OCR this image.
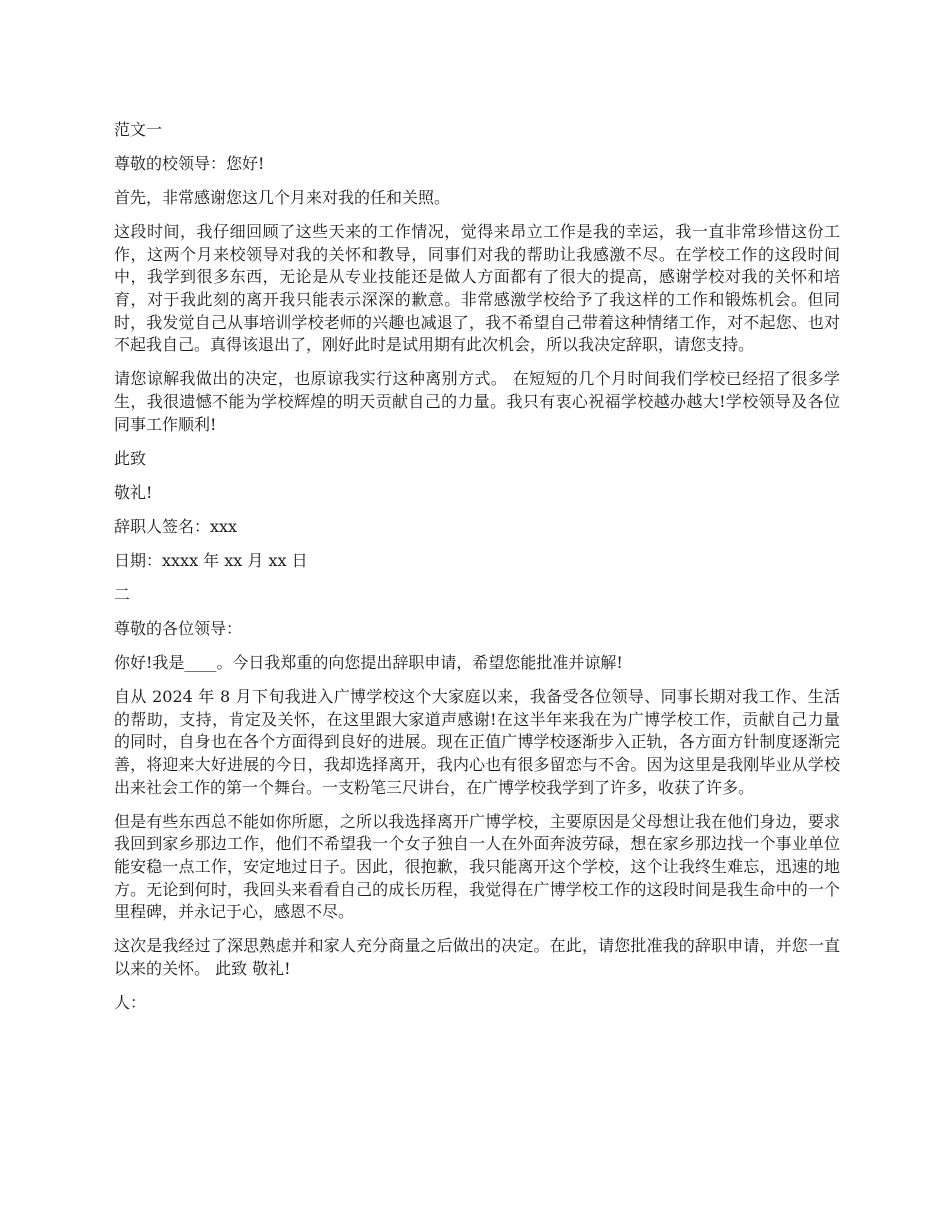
范文一

尊敬的校领导：您好!

首先，非常感谢您这几个月来对我的任和关照。

这段时间，我仔细回顾了这些天来的工作情况，觉得来昂立工作是我的幸运，我一直非常珍惜这份工作，这两个月来校领导对我的关怀和教导，同事们对我的帮助让我感激不尽。在学校工作的这段时间中，我学到很多东西，无论是从专业技能还是做人方面都有了很大的提高，感谢学校对我的关怀和培育，对于我此刻的离开我只能表示深深的歉意。非常感激学校给予了我这样的工作和锻炼机会。但同时，我发觉自己从事培训学校老师的兴趣也减退了，我不希望自己带着这种情绪工作，对不起您、也对不起我自己。真得该退出了，刚好此时是试用期有此次机会，所以我决定辞职，请您支持。

请您谅解我做出的决定，也原谅我实行这种离别方式。 在短短的几个月时间我们学校已经招了很多学生，我很遗憾不能为学校辉煌的明天贡献自己的力量。我只有衷心祝福学校越办越大!学校领导及各位同事工作顺利!

此致

敬礼!

辞职人签名：xxx

日期：xxxx 年 xx 月 xx 日

二

尊敬的各位领导：

你好!我是____。今日我郑重的向您提出辞职申请，希望您能批准并谅解!

自从 2024 年 8 月下旬我进入广博学校这个大家庭以来，我备受各位领导、同事长期对我工作、生活的帮助，支持，肯定及关怀，在这里跟大家道声感谢!在这半年来我在为广博学校工作，贡献自己力量的同时，自身也在各个方面得到良好的进展。现在正值广博学校逐渐步入正轨，各方面方针制度逐渐完善，将迎来大好进展的今日，我却选择离开，我内心也有很多留恋与不舍。因为这里是我刚毕业从学校出来社会工作的第一个舞台。一支粉笔三尺讲台，在广博学校我学到了许多，收获了许多。

但是有些东西总不能如你所愿，之所以我选择离开广博学校，主要原因是父母想让我在他们身边，要求我回到家乡那边工作，他们不希望我一个女子独自一人在外面奔波劳碌，想在家乡那边找一个事业单位能安稳一点工作，安定地过日子。因此，很抱歉，我只能离开这个学校，这个让我终生难忘，迅速的地方。无论到何时，我回头来看看自己的成长历程，我觉得在广博学校工作的这段时间是我生命中的一个里程碑，并永记于心，感恩不尽。

这次是我经过了深思熟虑并和家人充分商量之后做出的决定。在此，请您批准我的辞职申请，并您一直以来的关怀。 此致 敬礼!

人：
